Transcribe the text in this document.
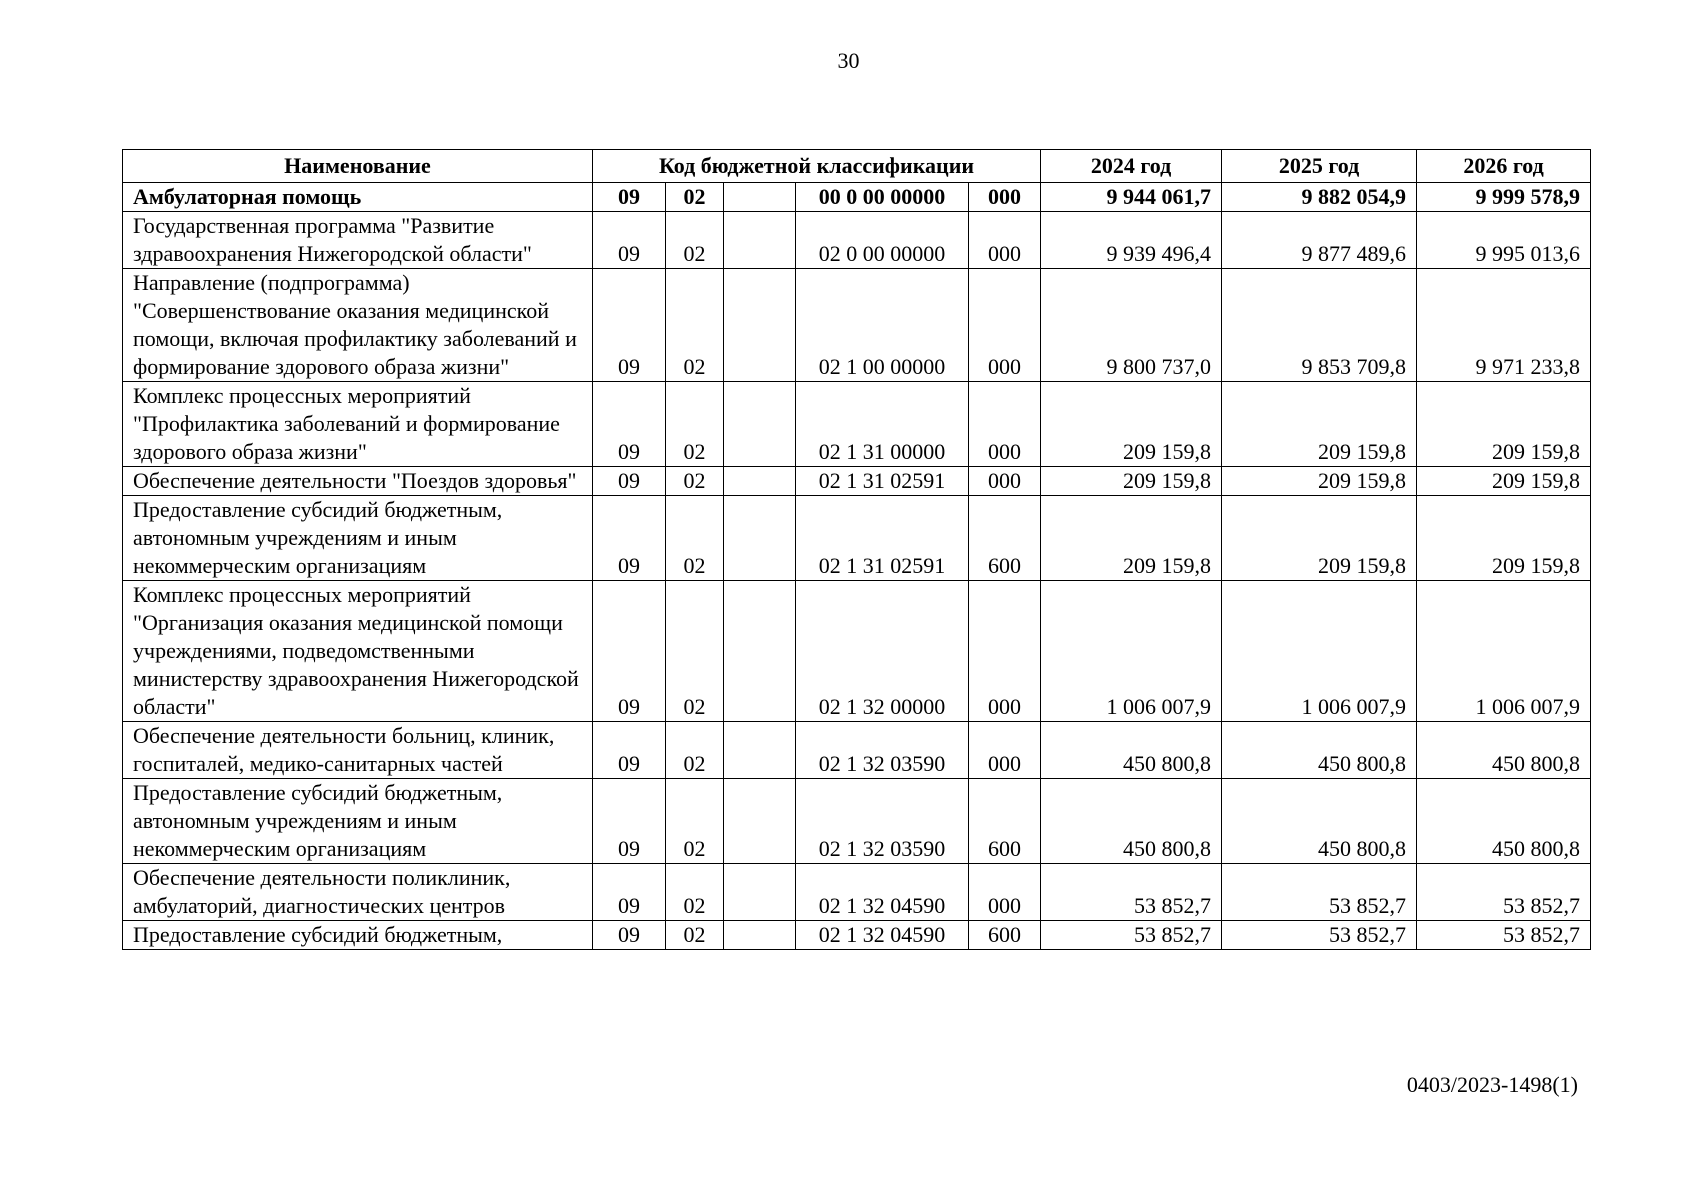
30
Наименование	Код бюджетной классификации					2024 год	2025 год	2026 год
Амбулаторная помощь	09	02		00 0 00 00000	000	9 944 061,7	9 882 054,9	9 999 578,9
Государственная программа "Развитие здравоохранения Нижегородской области"	09	02		02 0 00 00000	000	9 939 496,4	9 877 489,6	9 995 013,6
Направление (подпрограмма) "Совершенствование оказания медицинской помощи, включая профилактику заболеваний и формирование здорового образа жизни"	09	02		02 1 00 00000	000	9 800 737,0	9 853 709,8	9 971 233,8
Комплекс процессных мероприятий "Профилактика заболеваний и формирование здорового образа жизни"	09	02		02 1 31 00000	000	209 159,8	209 159,8	209 159,8
Обеспечение деятельности "Поездов здоровья"	09	02		02 1 31 02591	000	209 159,8	209 159,8	209 159,8
Предоставление субсидий бюджетным, автономным учреждениям и иным некоммерческим организациям	09	02		02 1 31 02591	600	209 159,8	209 159,8	209 159,8
Комплекс процессных мероприятий "Организация оказания медицинской помощи учреждениями, подведомственными министерству здравоохранения Нижегородской области"	09	02		02 1 32 00000	000	1 006 007,9	1 006 007,9	1 006 007,9
Обеспечение деятельности больниц, клиник, госпиталей, медико-санитарных частей	09	02		02 1 32 03590	000	450 800,8	450 800,8	450 800,8
Предоставление субсидий бюджетным, автономным учреждениям и иным некоммерческим организациям	09	02		02 1 32 03590	600	450 800,8	450 800,8	450 800,8
Обеспечение деятельности поликлиник, амбулаторий, диагностических центров	09	02		02 1 32 04590	000	53 852,7	53 852,7	53 852,7
Предоставление субсидий бюджетным,	09	02		02 1 32 04590	600	53 852,7	53 852,7	53 852,7
0403/2023-1498(1)
